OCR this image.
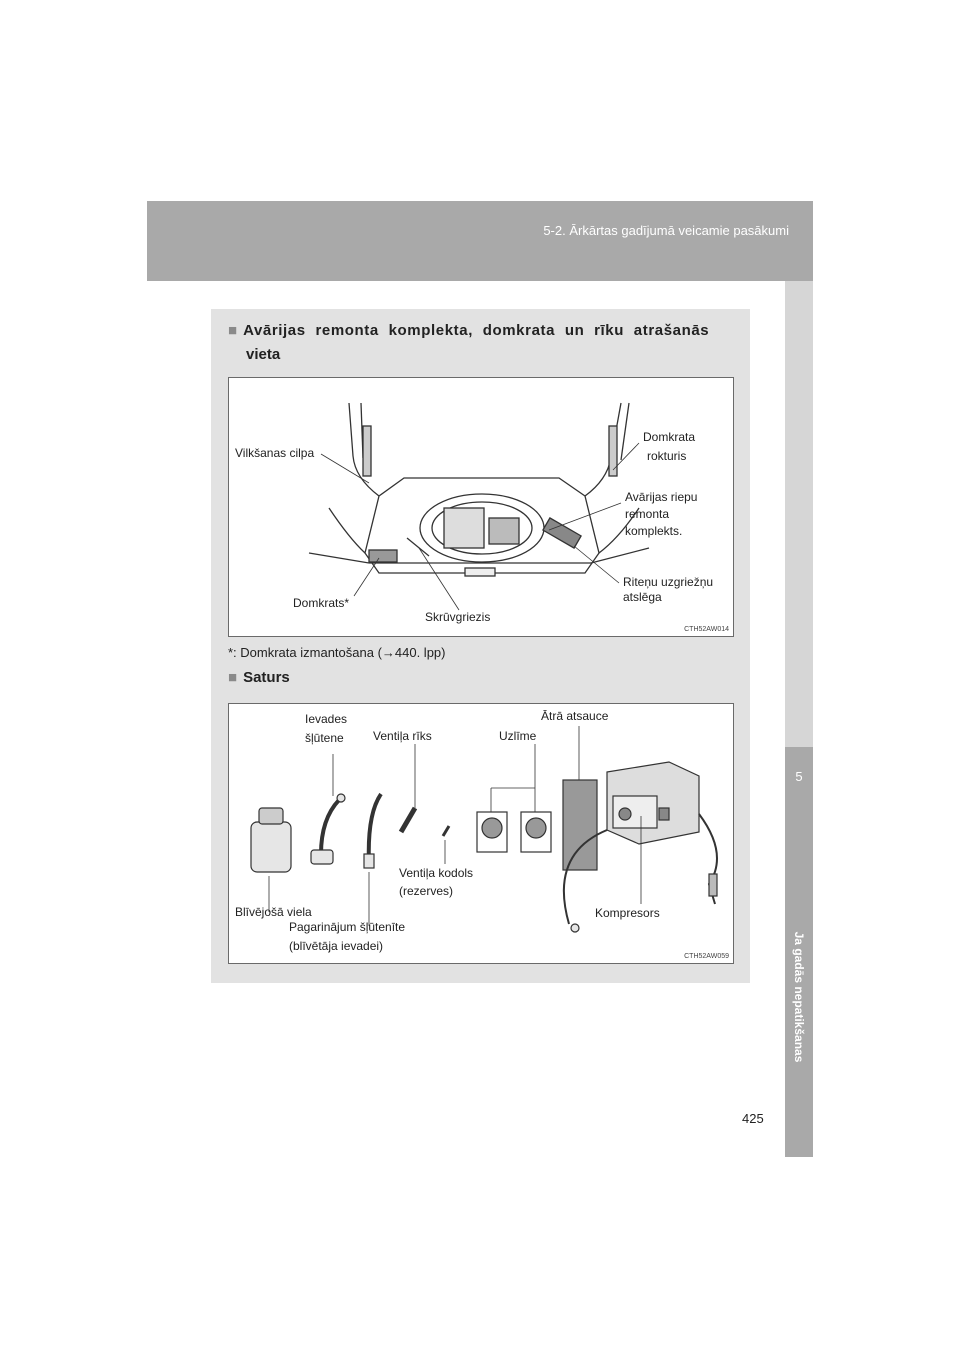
5-2. Ārkārtas gadījumā veicamie pasākumi
5
Ja gadās nepatikšanas
■ Avārijas remonta komplekta, domkrata un rīku atrašanās
vieta
Vilkšanas cilpa
Domkrata
rokturis
Avārijas riepu
remonta
komplekts.
Riteņu uzgriežņu
atslēga
Domkrats*
Skrūvgriezis
CTH52AW014
*: Domkrata izmantošana (→440. lpp)
■ Saturs
Ievades
šļūtene Ventiļa rīks	Uzlīme
Ātrā atsauce
Ventiļa kodols
(rezerves)
Blīvējošā viela
Pagarinājum šļūtenīte
(blīvētāja ievadei)
Kompresors
CTH52AW059
425
